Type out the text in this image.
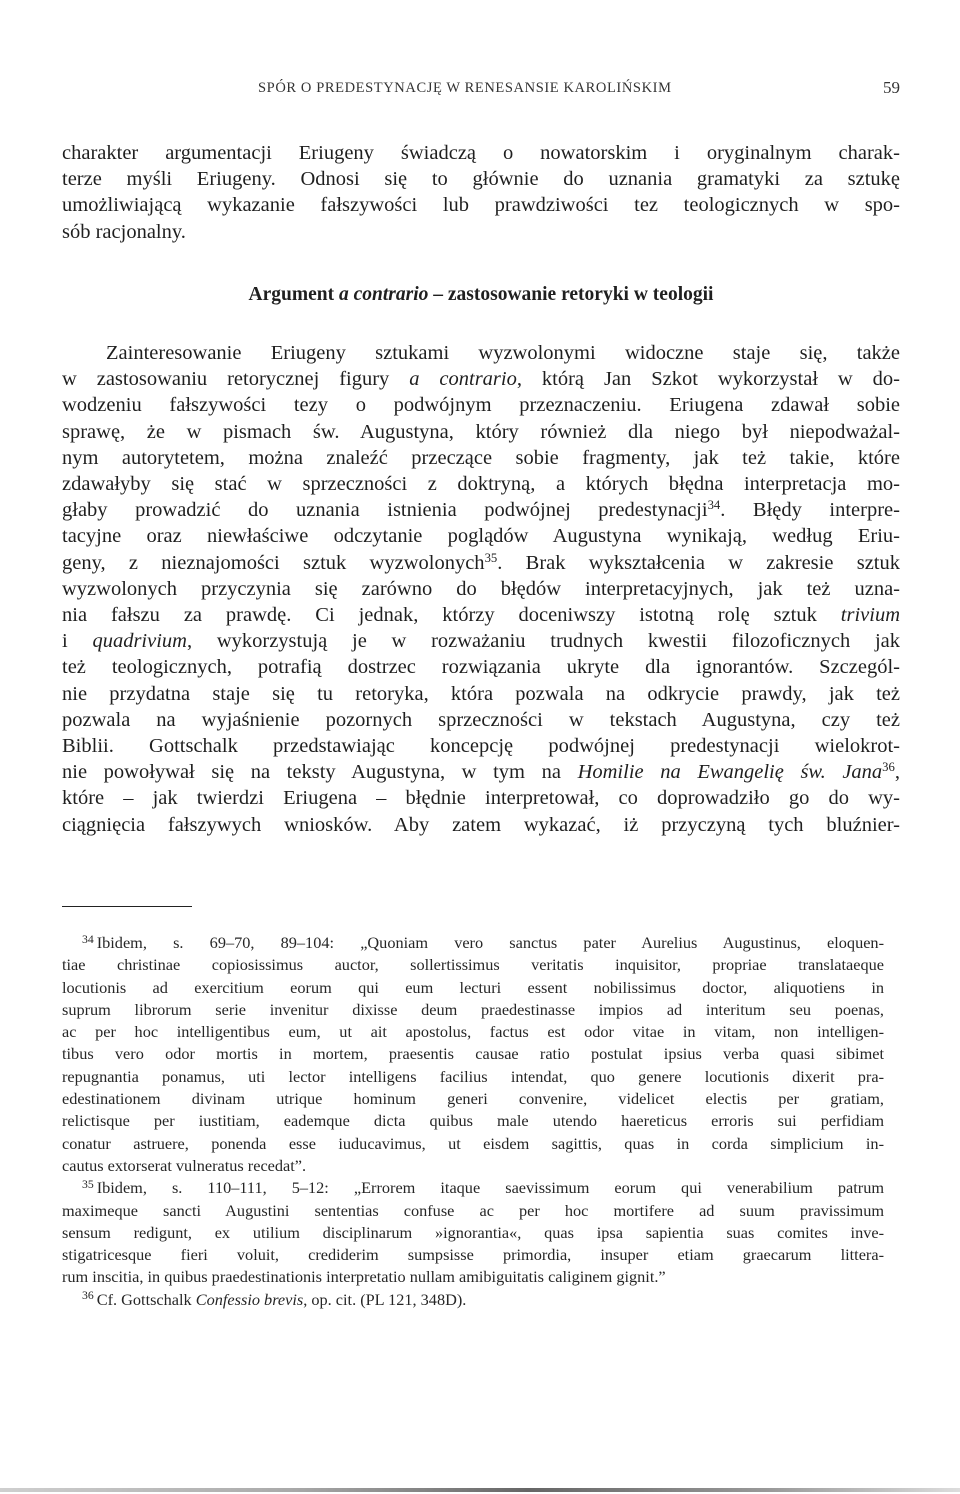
SPÓR O PREDESTYNACJĘ W RENESANSIE KAROLIŃSKIM	59

charakter argumentacji Eriugeny świadczą o nowatorskim i oryginalnym charak-
terze myśli Eriugeny. Odnosi się to głównie do uznania gramatyki za sztukę
umożliwiającą wykazanie fałszywości lub prawdziwości tez teologicznych w spo-
sób racjonalny.

Argument a contrario – zastosowanie retoryki w teologii

Zainteresowanie Eriugeny sztukami wyzwolonymi widoczne staje się, także
w zastosowaniu retorycznej figury a contrario, którą Jan Szkot wykorzystał w do-
wodzeniu fałszywości tezy o podwójnym przeznaczeniu. Eriugena zdawał sobie
sprawę, że w pismach św. Augustyna, który również dla niego był niepodważal-
nym autorytetem, można znaleźć przeczące sobie fragmenty, jak też takie, które
zdawałyby się stać w sprzeczności z doktryną, a których błędna interpretacja mo-
głaby prowadzić do uznania istnienia podwójnej predestynacji$^{34}$. Błędy interpre-
tacyjne oraz niewłaściwe odczytanie poglądów Augustyna wynikają, według Eriu-
geny, z nieznajomości sztuk wyzwolonych$^{35}$. Brak wykształcenia w zakresie sztuk
wyzwolonych przyczynia się zarówno do błędów interpretacyjnych, jak też uzna-
nia fałszu za prawdę. Ci jednak, którzy doceniwszy istotną rolę sztuk trivium
i quadrivium, wykorzystują je w rozważaniu trudnych kwestii filozoficznych jak
też teologicznych, potrafią dostrzec rozwiązania ukryte dla ignorantów. Szczegól-
nie przydatna staje się tu retoryka, która pozwala na odkrycie prawdy, jak też
pozwala na wyjaśnienie pozornych sprzeczności w tekstach Augustyna, czy też
Biblii. Gottschalk przedstawiając koncepcję podwójnej predestynacji wielokrot-
nie powoływał się na teksty Augustyna, w tym na Homilie na Ewangelię św. Jana$^{36}$,
które – jak twierdzi Eriugena – błędnie interpretował, co doprowadziło go do wy-
ciągnięcia fałszywych wniosków. Aby zatem wykazać, iż przyczyną tych bluźnier-

$^{34}$ Ibidem, s. 69–70, 89–104: „Quoniam vero sanctus pater Aurelius Augustinus, eloquen-
tiae christinae copiosissimus auctor, sollertissimus veritatis inquisitor, propriae translataeque
locutionis ad exercitium eorum qui eum lecturi essent nobilissimus doctor, aliquotiens in
suprum librorum serie invenitur dixisse deum praedestinasse impios ad interitum seu poenas,
ac per hoc intelligentibus eum, ut ait apostolus, factus est odor vitae in vitam, non intelligen-
tibus vero odor mortis in mortem, praesentis causae ratio postulat ipsius verba quasi sibimet
repugnantia ponamus, uti lector intelligens facilius intendat, quo genere locutionis dixerit pra-
edestinationem divinam utrique hominum generi convenire, videlicet electis per gratiam,
relictisque per iustitiam, eademque dicta quibus male utendo haereticus erroris sui perfidiam
conatur astruere, ponenda esse iuducavimus, ut eisdem sagittis, quas in corda simplicium in-
cautus extorserat vulneratus recedat”.
$^{35}$ Ibidem, s. 110–111, 5–12: „Errorem itaque saevissimum eorum qui venerabilium patrum
maximeque sancti Augustini sententias confuse ac per hoc mortifere ad suum pravissimum
sensum redigunt, ex utilium disciplinarum »ignorantia«, quas ipsa sapientia suas comites inve-
stigatricesque fieri voluit, crediderim sumpsisse primordia, insuper etiam graecarum littera-
rum inscitia, in quibus praedestinationis interpretatio nullam amibiguitatis caliginem gignit.”
$^{36}$ Cf. Gottschalk Confessio brevis, op. cit. (PL 121, 348D).
